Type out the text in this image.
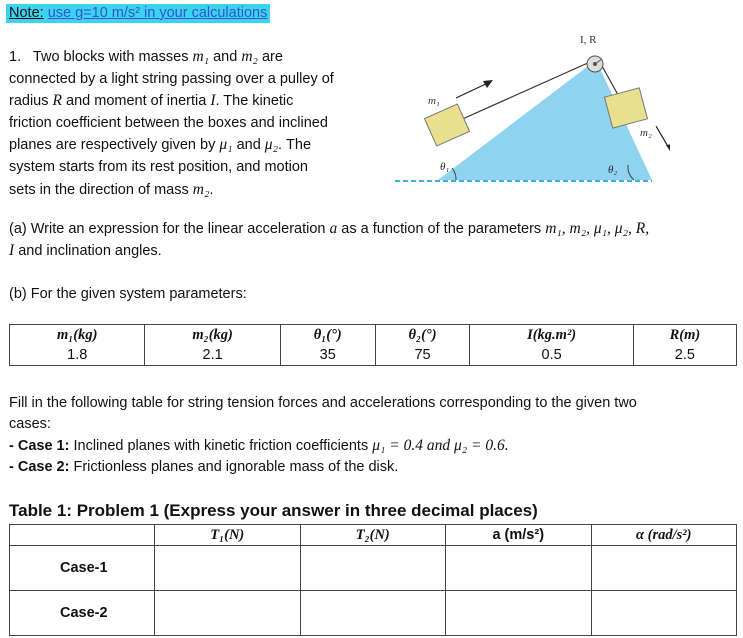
Note: use g=10 m/s² in your calculations
1. Two blocks with masses m₁ and m₂ are
connected by a light string passing over a pulley of
radius R and moment of inertia I. The kinetic
friction coefficient between the boxes and inclined
planes are respectively given by μ₁ and μ₂. The
system starts from its rest position, and motion
sets in the direction of mass m₂.
I, R
m₁
m₂
θ₁	θ₂
(a) Write an expression for the linear acceleration a as a function of the parameters m₁, m₂, μ₁, μ₂, R,
I and inclination angles.
(b) For the given system parameters:
m₁(kg)	m₂(kg)	θ₁(°)	θ₂(°)	I(kg.m²)	R(m)
1.8	2.1	35	75	0.5	2.5
Fill in the following table for string tension forces and accelerations corresponding to the given two
cases:
- Case 1: Inclined planes with kinetic friction coefficients μ₁ = 0.4 and μ₂ = 0.6.
- Case 2: Frictionless planes and ignorable mass of the disk.
Table 1: Problem 1 (Express your answer in three decimal places)
	T₁(N)	T₂(N)	a (m/s²)	α (rad/s²)
Case-1				
Case-2				
